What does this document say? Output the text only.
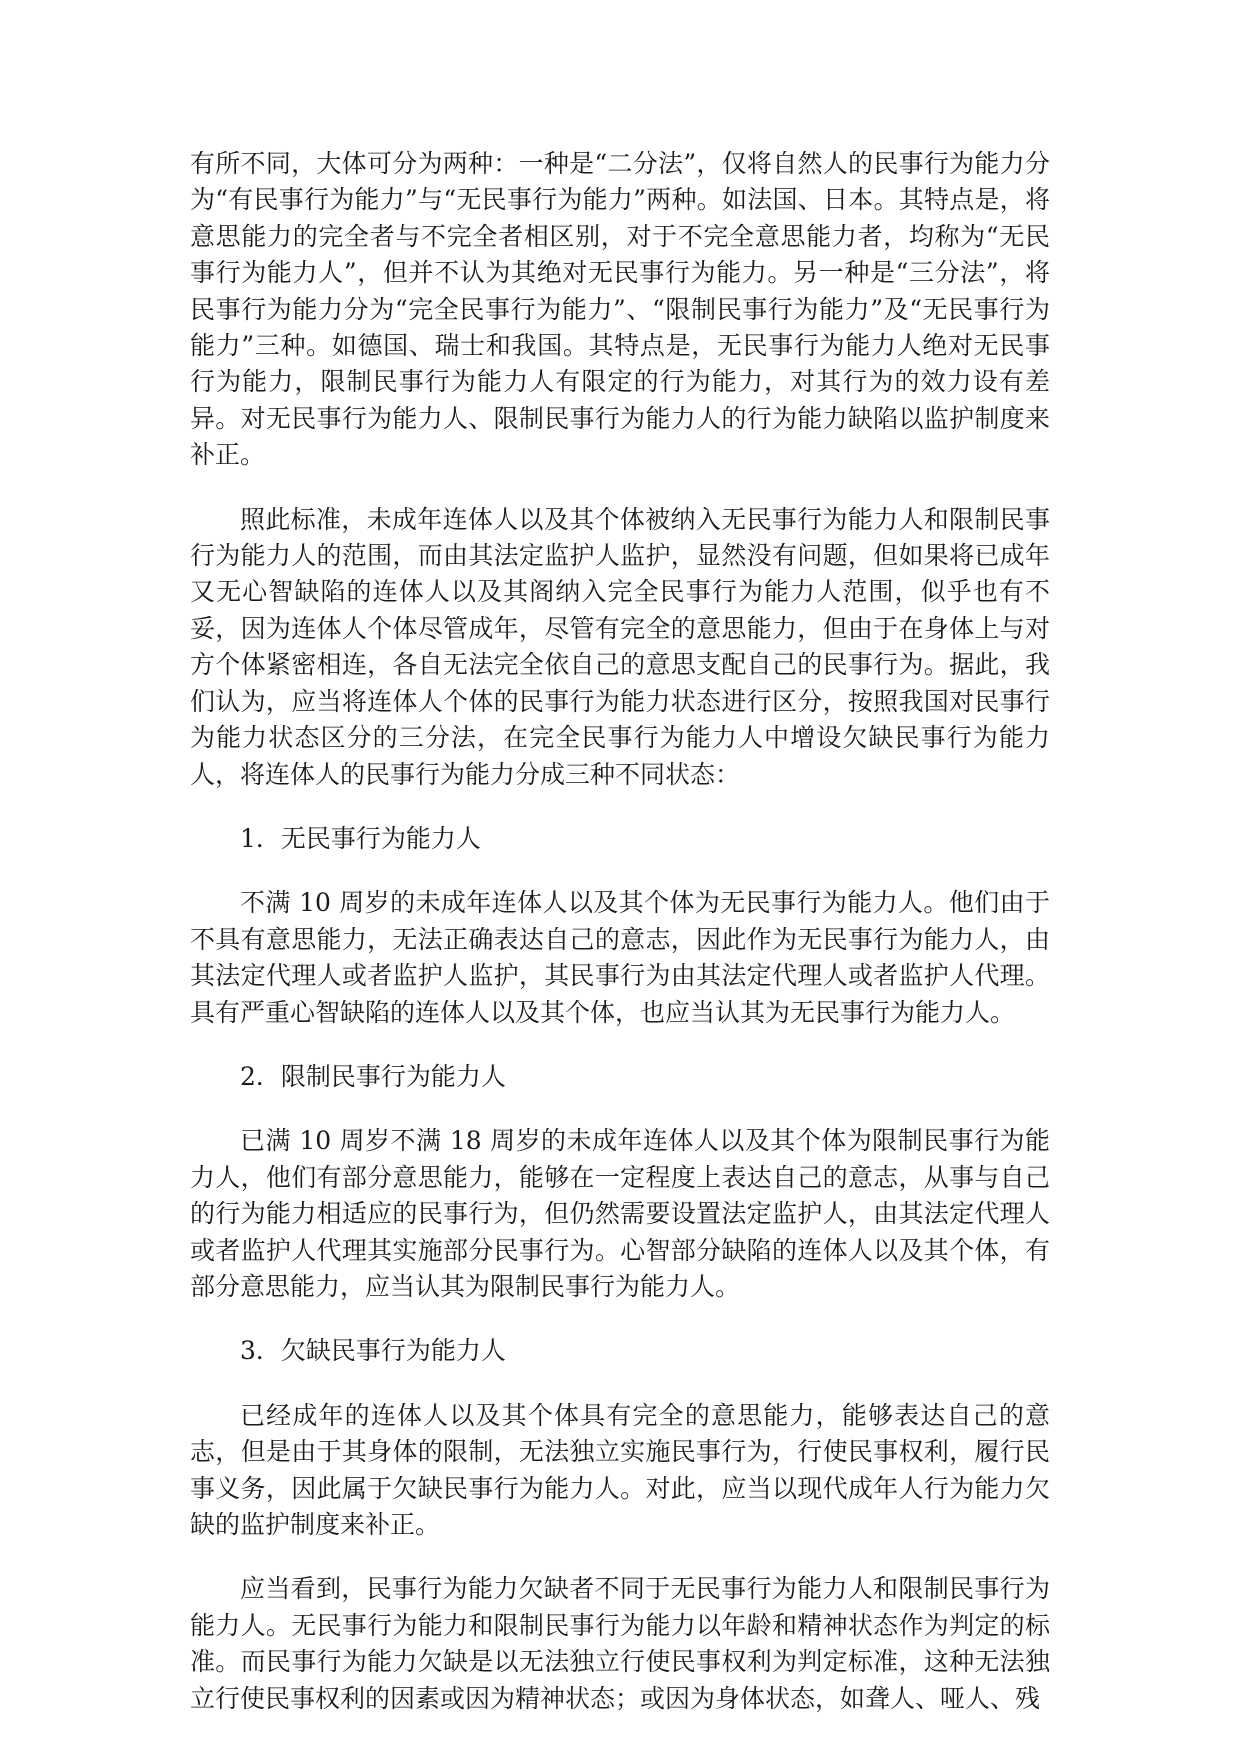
有所不同，大体可分为两种：一种是“二分法”，仅将自然人的民事行为能力分为“有民事行为能力”与“无民事行为能力”两种。如法国、日本。其特点是，将意思能力的完全者与不完全者相区别，对于不完全意思能力者，均称为“无民事行为能力人”，但并不认为其绝对无民事行为能力。另一种是“三分法”，将民事行为能力分为“完全民事行为能力”、“限制民事行为能力”及“无民事行为能力”三种。如德国、瑞士和我国。其特点是，无民事行为能力人绝对无民事行为能力，限制民事行为能力人有限定的行为能力，对其行为的效力设有差异。对无民事行为能力人、限制民事行为能力人的行为能力缺陷以监护制度来补正。

照此标准，未成年连体人以及其个体被纳入无民事行为能力人和限制民事行为能力人的范围，而由其法定监护人监护，显然没有问题，但如果将已成年又无心智缺陷的连体人以及其阁纳入完全民事行为能力人范围，似乎也有不妥，因为连体人个体尽管成年，尽管有完全的意思能力，但由于在身体上与对方个体紧密相连，各自无法完全依自己的意思支配自己的民事行为。据此，我们认为，应当将连体人个体的民事行为能力状态进行区分，按照我国对民事行为能力状态区分的三分法，在完全民事行为能力人中增设欠缺民事行为能力人，将连体人的民事行为能力分成三种不同状态：

1．无民事行为能力人

不满 10 周岁的未成年连体人以及其个体为无民事行为能力人。他们由于不具有意思能力，无法正确表达自己的意志，因此作为无民事行为能力人，由其法定代理人或者监护人监护，其民事行为由其法定代理人或者监护人代理。具有严重心智缺陷的连体人以及其个体，也应当认其为无民事行为能力人。

2．限制民事行为能力人

已满 10 周岁不满 18 周岁的未成年连体人以及其个体为限制民事行为能力人，他们有部分意思能力，能够在一定程度上表达自己的意志，从事与自己的行为能力相适应的民事行为，但仍然需要设置法定监护人，由其法定代理人或者监护人代理其实施部分民事行为。心智部分缺陷的连体人以及其个体，有部分意思能力，应当认其为限制民事行为能力人。

3．欠缺民事行为能力人

已经成年的连体人以及其个体具有完全的意思能力，能够表达自己的意志，但是由于其身体的限制，无法独立实施民事行为，行使民事权利，履行民事义务，因此属于欠缺民事行为能力人。对此，应当以现代成年人行为能力欠缺的监护制度来补正。

应当看到，民事行为能力欠缺者不同于无民事行为能力人和限制民事行为能力人。无民事行为能力和限制民事行为能力以年龄和精神状态作为判定的标准。而民事行为能力欠缺是以无法独立行使民事权利为判定标准，这种无法独立行使民事权利的因素或因为精神状态；或因为身体状态，如聋人、哑人、残
